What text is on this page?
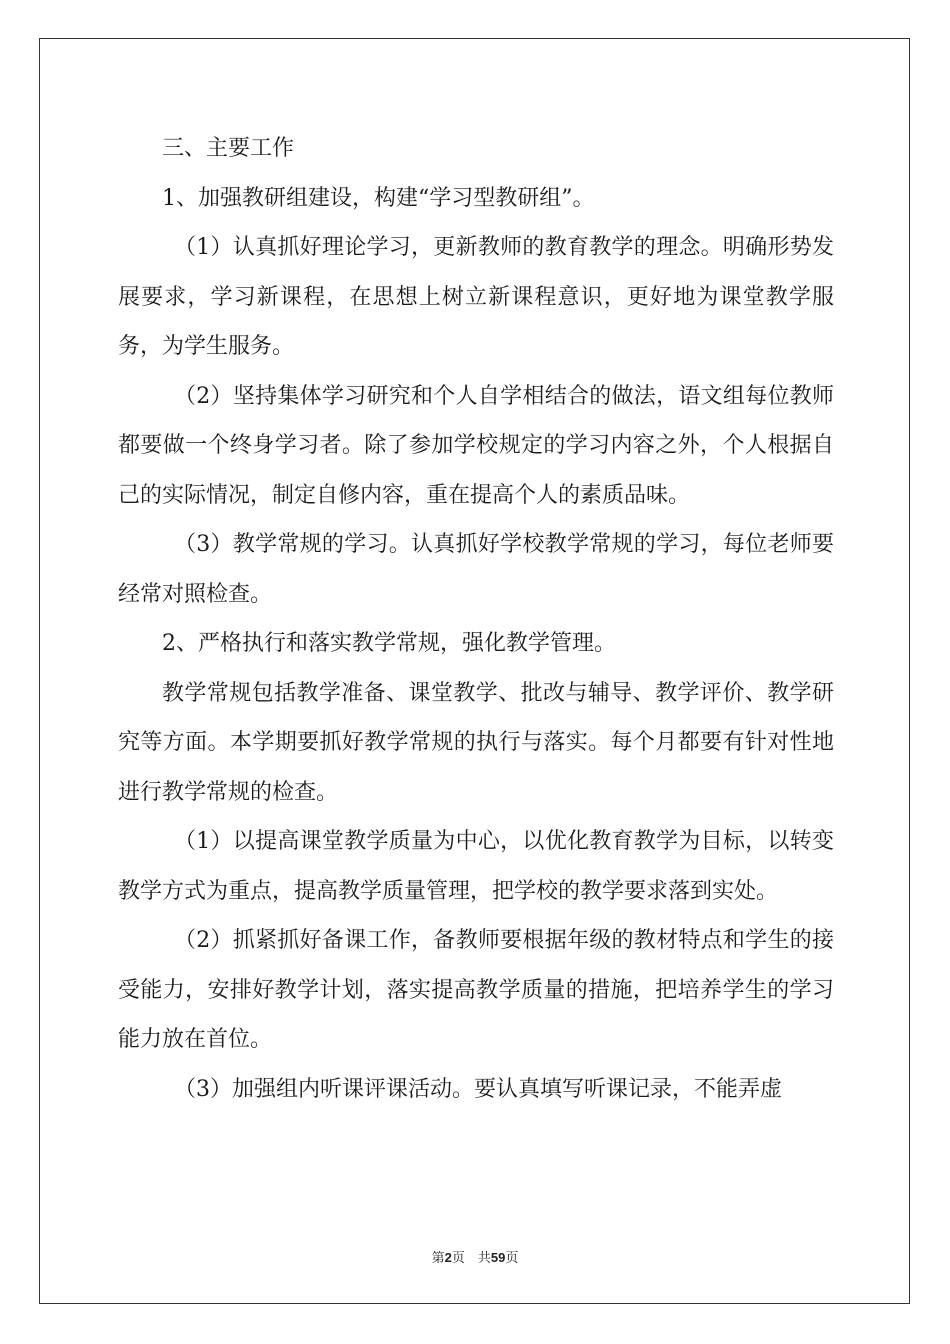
三、主要工作

1、加强教研组建设，构建“学习型教研组”。

（1）认真抓好理论学习，更新教师的教育教学的理念。明确形势发展要求，学习新课程，在思想上树立新课程意识，更好地为课堂教学服务，为学生服务。

（2）坚持集体学习研究和个人自学相结合的做法，语文组每位教师都要做一个终身学习者。除了参加学校规定的学习内容之外，个人根据自己的实际情况，制定自修内容，重在提高个人的素质品味。

（3）教学常规的学习。认真抓好学校教学常规的学习，每位老师要经常对照检查。

2、严格执行和落实教学常规，强化教学管理。

教学常规包括教学准备、课堂教学、批改与辅导、教学评价、教学研究等方面。本学期要抓好教学常规的执行与落实。每个月都要有针对性地进行教学常规的检查。

（1）以提高课堂教学质量为中心，以优化教育教学为目标，以转变教学方式为重点，提高教学质量管理，把学校的教学要求落到实处。

（2）抓紧抓好备课工作，备教师要根据年级的教材特点和学生的接受能力，安排好教学计划，落实提高教学质量的措施，把培养学生的学习能力放在首位。

（3）加强组内听课评课活动。要认真填写听课记录，不能弄虚

第2页　共59页
